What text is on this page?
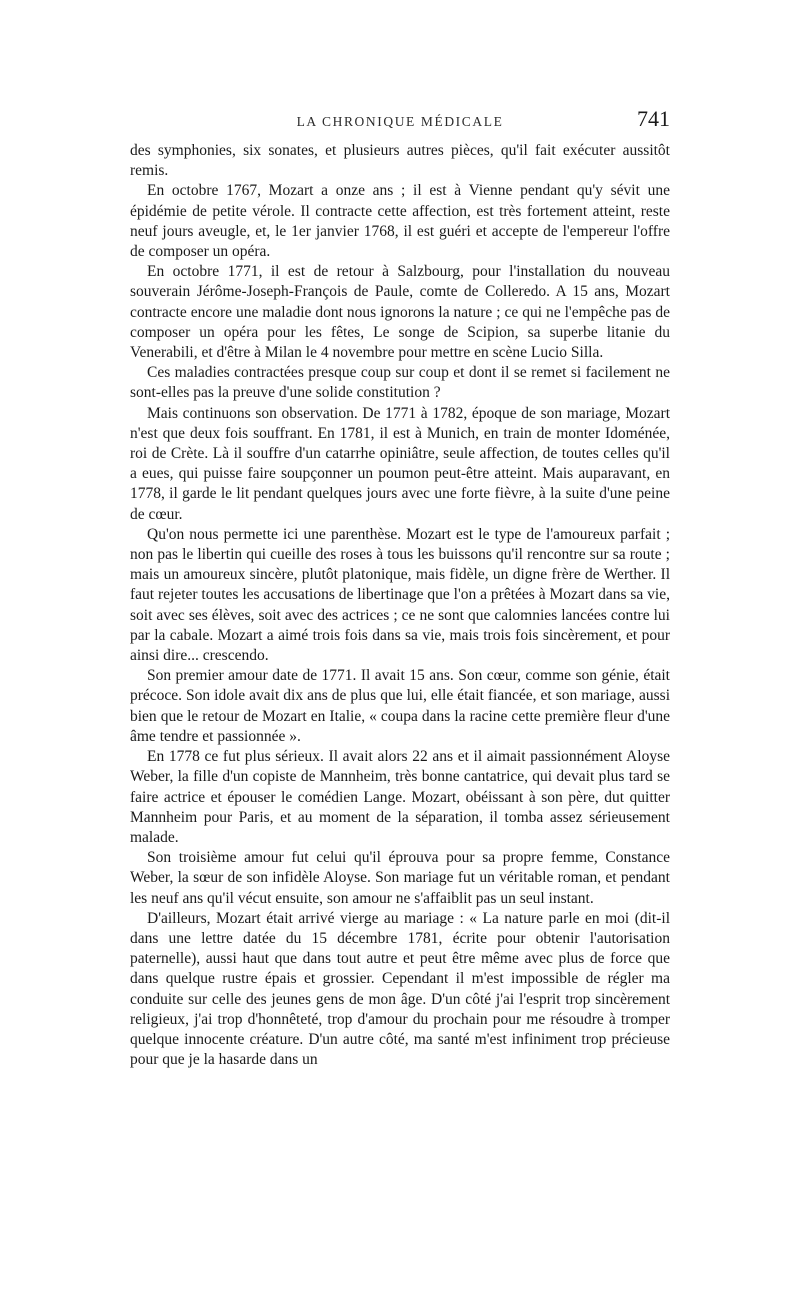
LA CHRONIQUE MÉDICALE	741

des symphonies, six sonates, et plusieurs autres pièces, qu'il fait exécuter aussitôt remis.

En octobre 1767, Mozart a onze ans ; il est à Vienne pendant qu'y sévit une épidémie de petite vérole. Il contracte cette affection, est très fortement atteint, reste neuf jours aveugle, et, le 1er janvier 1768, il est guéri et accepte de l'empereur l'offre de composer un opéra.

En octobre 1771, il est de retour à Salzbourg, pour l'installation du nouveau souverain Jérôme-Joseph-François de Paule, comte de Colleredo. A 15 ans, Mozart contracte encore une maladie dont nous ignorons la nature ; ce qui ne l'empêche pas de composer un opéra pour les fêtes, Le songe de Scipion, sa superbe litanie du Venerabili, et d'être à Milan le 4 novembre pour mettre en scène Lucio Silla.

Ces maladies contractées presque coup sur coup et dont il se remet si facilement ne sont-elles pas la preuve d'une solide constitution ?

Mais continuons son observation. De 1771 à 1782, époque de son mariage, Mozart n'est que deux fois souffrant. En 1781, il est à Munich, en train de monter Idoménée, roi de Crète. Là il souffre d'un catarrhe opiniâtre, seule affection, de toutes celles qu'il a eues, qui puisse faire soupçonner un poumon peut-être atteint. Mais auparavant, en 1778, il garde le lit pendant quelques jours avec une forte fièvre, à la suite d'une peine de cœur.

Qu'on nous permette ici une parenthèse. Mozart est le type de l'amoureux parfait ; non pas le libertin qui cueille des roses à tous les buissons qu'il rencontre sur sa route ; mais un amoureux sincère, plutôt platonique, mais fidèle, un digne frère de Werther. Il faut rejeter toutes les accusations de libertinage que l'on a prêtées à Mozart dans sa vie, soit avec ses élèves, soit avec des actrices ; ce ne sont que calomnies lancées contre lui par la cabale. Mozart a aimé trois fois dans sa vie, mais trois fois sincèrement, et pour ainsi dire... crescendo.

Son premier amour date de 1771. Il avait 15 ans. Son cœur, comme son génie, était précoce. Son idole avait dix ans de plus que lui, elle était fiancée, et son mariage, aussi bien que le retour de Mozart en Italie, « coupa dans la racine cette première fleur d'une âme tendre et passionnée ».

En 1778 ce fut plus sérieux. Il avait alors 22 ans et il aimait passionnément Aloyse Weber, la fille d'un copiste de Mannheim, très bonne cantatrice, qui devait plus tard se faire actrice et épouser le comédien Lange. Mozart, obéissant à son père, dut quitter Mannheim pour Paris, et au moment de la séparation, il tomba assez sérieusement malade.

Son troisième amour fut celui qu'il éprouva pour sa propre femme, Constance Weber, la sœur de son infidèle Aloyse. Son mariage fut un véritable roman, et pendant les neuf ans qu'il vécut ensuite, son amour ne s'affaiblit pas un seul instant.

D'ailleurs, Mozart était arrivé vierge au mariage : « La nature parle en moi (dit-il dans une lettre datée du 15 décembre 1781, écrite pour obtenir l'autorisation paternelle), aussi haut que dans tout autre et peut être même avec plus de force que dans quelque rustre épais et grossier. Cependant il m'est impossible de régler ma conduite sur celle des jeunes gens de mon âge. D'un côté j'ai l'esprit trop sincèrement religieux, j'ai trop d'honnêteté, trop d'amour du prochain pour me résoudre à tromper quelque innocente créature. D'un autre côté, ma santé m'est infiniment trop précieuse pour que je la hasarde dans un
